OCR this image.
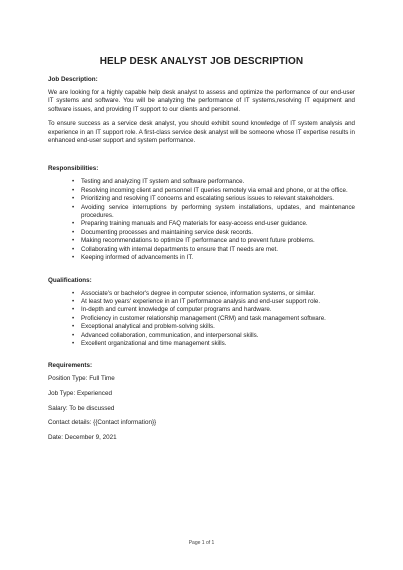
HELP DESK ANALYST JOB DESCRIPTION
Job Description:

We are looking for a highly capable help desk analyst to assess and optimize the performance of our end-user IT systems and software. You will be analyzing the performance of IT systems,resolving IT equipment and software issues, and providing IT support to our clients and personnel.

To ensure success as a service desk analyst, you should exhibit sound knowledge of IT system analysis and experience in an IT support role. A first-class service desk analyst will be someone whose IT expertise results in enhanced end-user support and system performance.

Responsibilities:
• Testing and analyzing IT system and software performance.
• Resolving incoming client and personnel IT queries remotely via email and phone, or at the office.
• Prioritizing and resolving IT concerns and escalating serious issues to relevant stakeholders.
• Avoiding service interruptions by performing system installations, updates, and maintenance procedures.
• Preparing training manuals and FAQ materials for easy-access end-user guidance.
• Documenting processes and maintaining service desk records.
• Making recommendations to optimize IT performance and to prevent future problems.
• Collaborating with internal departments to ensure that IT needs are met.
• Keeping informed of advancements in IT.
Qualifications:
• Associate's or bachelor's degree in computer science, information systems, or similar.
• At least two years' experience in an IT performance analysis and end-user support role.
• In-depth and current knowledge of computer programs and hardware.
• Proficiency in customer relationship management (CRM) and task management software.
• Exceptional analytical and problem-solving skills.
• Advanced collaboration, communication, and interpersonal skills.
• Excellent organizational and time management skills.
Requirements:
Position Type: Full Time
Job Type: Experienced
Salary: To be discussed
Contact details: {{Contact information}}
Date: December 9, 2021
Page 1 of 1
